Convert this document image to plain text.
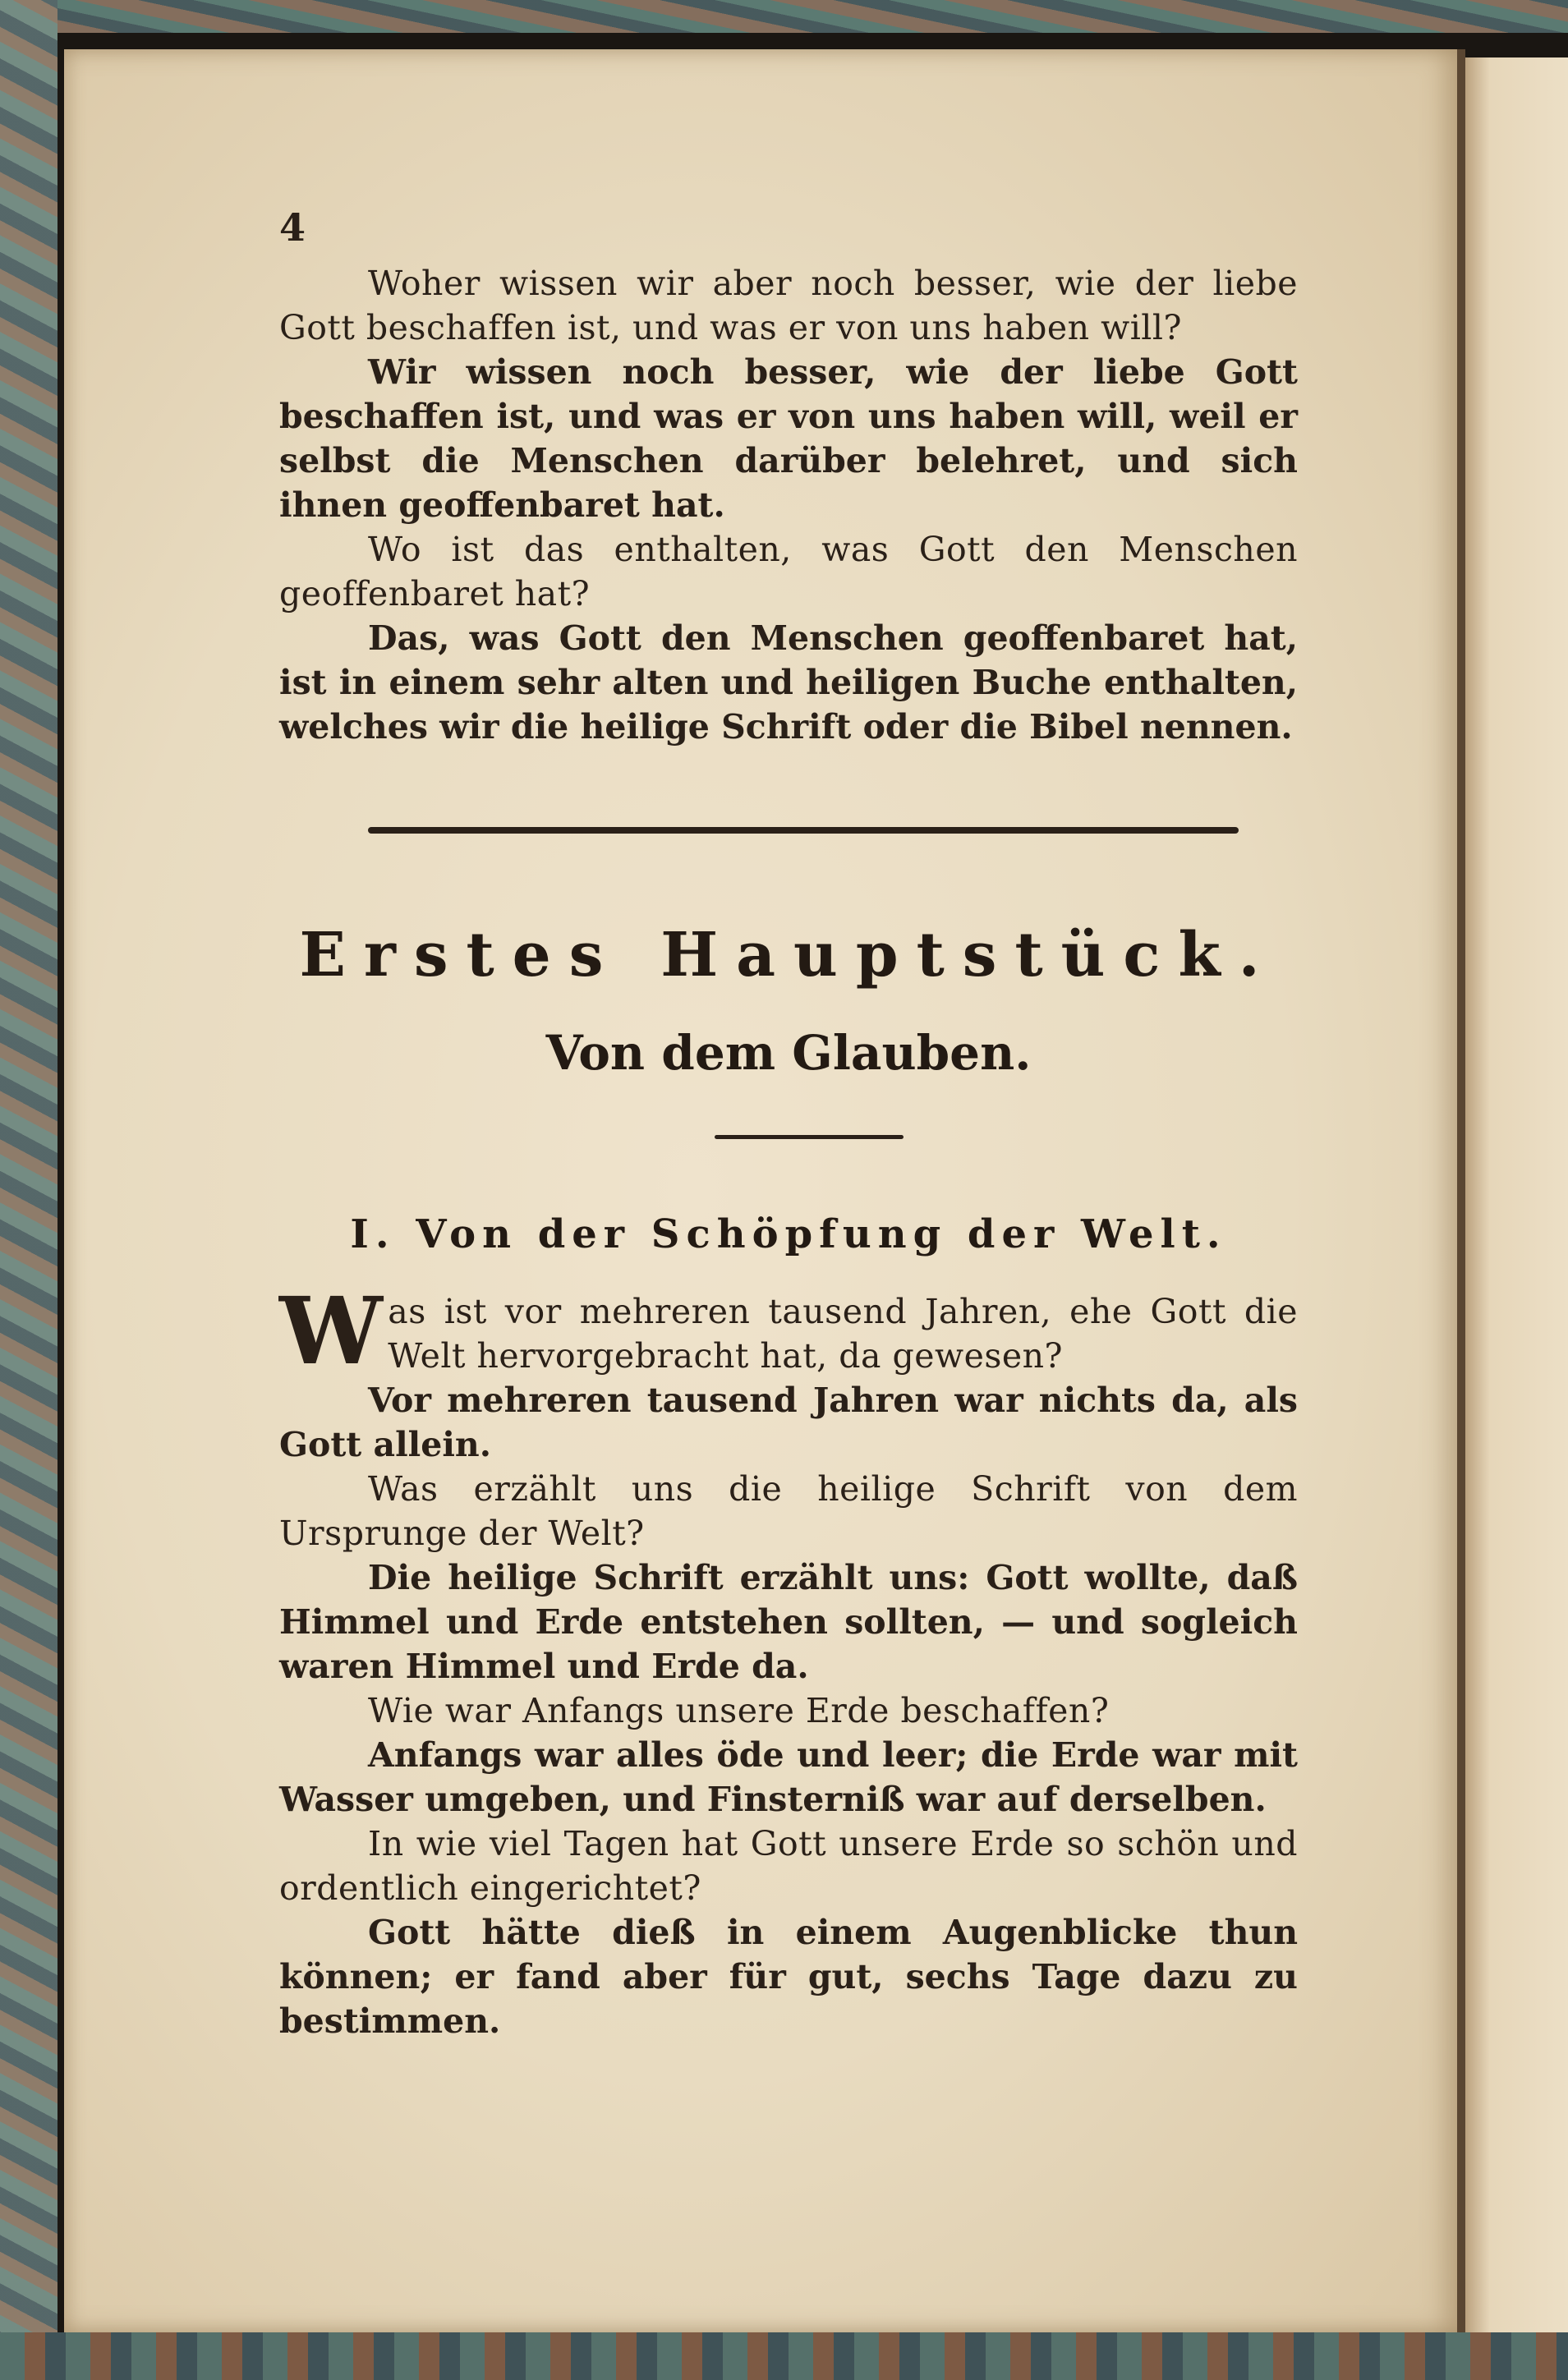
4

Woher wissen wir aber noch besser, wie der liebe Gott beschaffen ist, und was er von uns haben will?

Wir wissen noch besser, wie der liebe Gott beschaffen ist, und was er von uns haben will, weil er selbst die Menschen darüber belehret, und sich ihnen geoffenbaret hat.

Wo ist das enthalten, was Gott den Menschen geoffenbaret hat?

Das, was Gott den Menschen geoffenbaret hat, ist in einem sehr alten und heiligen Buche enthalten, welches wir die heilige Schrift oder die Bibel nennen.

Erstes Hauptstück.
Von dem Glauben.
I. Von der Schöpfung der Welt.

Was ist vor mehreren tausend Jahren, ehe Gott die Welt hervorgebracht hat, da gewesen?

Vor mehreren tausend Jahren war nichts da, als Gott allein.

Was erzählt uns die heilige Schrift von dem Ursprunge der Welt?

Die heilige Schrift erzählt uns: Gott wollte, daß Himmel und Erde entstehen sollten, — und sogleich waren Himmel und Erde da.

Wie war Anfangs unsere Erde beschaffen?

Anfangs war alles öde und leer; die Erde war mit Wasser umgeben, und Finsterniß war auf derselben.

In wie viel Tagen hat Gott unsere Erde so schön und ordentlich eingerichtet?

Gott hätte dieß in einem Augenblicke thun können; er fand aber für gut, sechs Tage dazu zu bestimmen.
